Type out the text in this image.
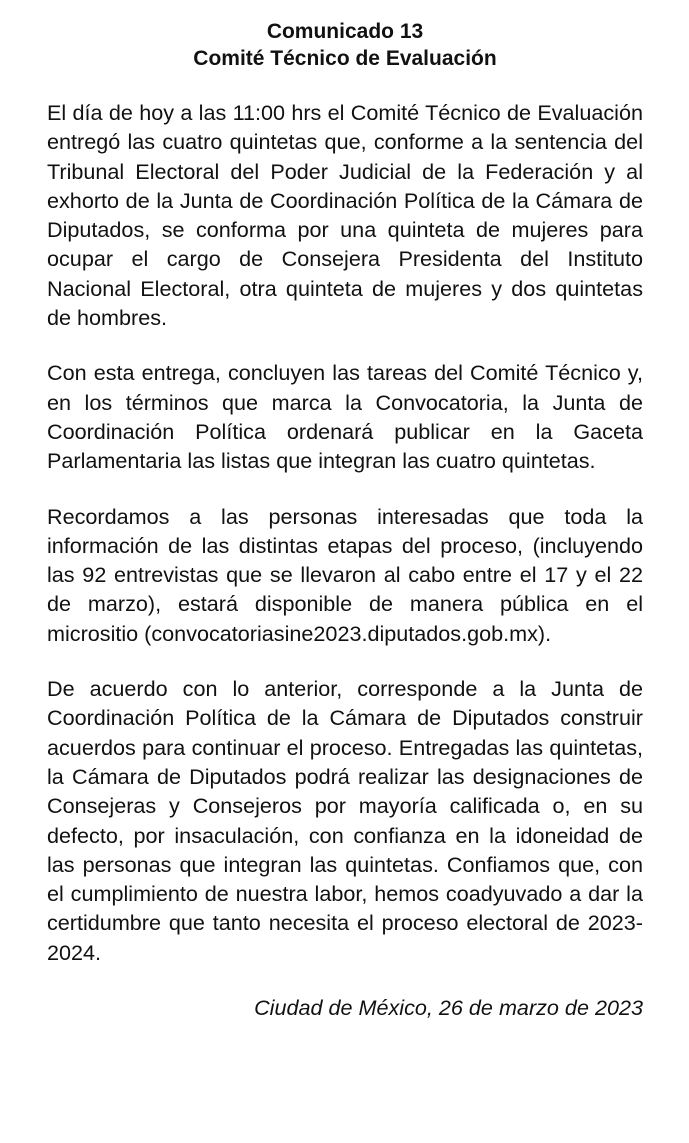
Comunicado 13
Comité Técnico de Evaluación

El día de hoy a las 11:00 hrs el Comité Técnico de Evaluación entregó las cuatro quintetas que, conforme a la sentencia del Tribunal Electoral del Poder Judicial de la Federación y al exhorto de la Junta de Coordinación Política de la Cámara de Diputados, se conforma por una quinteta de mujeres para ocupar el cargo de Consejera Presidenta del Instituto Nacional Electoral, otra quinteta de mujeres y dos quintetas de hombres.

Con esta entrega, concluyen las tareas del Comité Técnico y, en los términos que marca la Convocatoria, la Junta de Coordinación Política ordenará publicar en la Gaceta Parlamentaria las listas que integran las cuatro quintetas.

Recordamos a las personas interesadas que toda la información de las distintas etapas del proceso, (incluyendo las 92 entrevistas que se llevaron al cabo entre el 17 y el 22 de marzo), estará disponible de manera pública en el micrositio (convocatoriasine2023.diputados.gob.mx).

De acuerdo con lo anterior, corresponde a la Junta de Coordinación Política de la Cámara de Diputados construir acuerdos para continuar el proceso. Entregadas las quintetas, la Cámara de Diputados podrá realizar las designaciones de Consejeras y Consejeros por mayoría calificada o, en su defecto, por insaculación, con confianza en la idoneidad de las personas que integran las quintetas. Confiamos que, con el cumplimiento de nuestra labor, hemos coadyuvado a dar la certidumbre que tanto necesita el proceso electoral de 2023-2024.

Ciudad de México, 26 de marzo de 2023
